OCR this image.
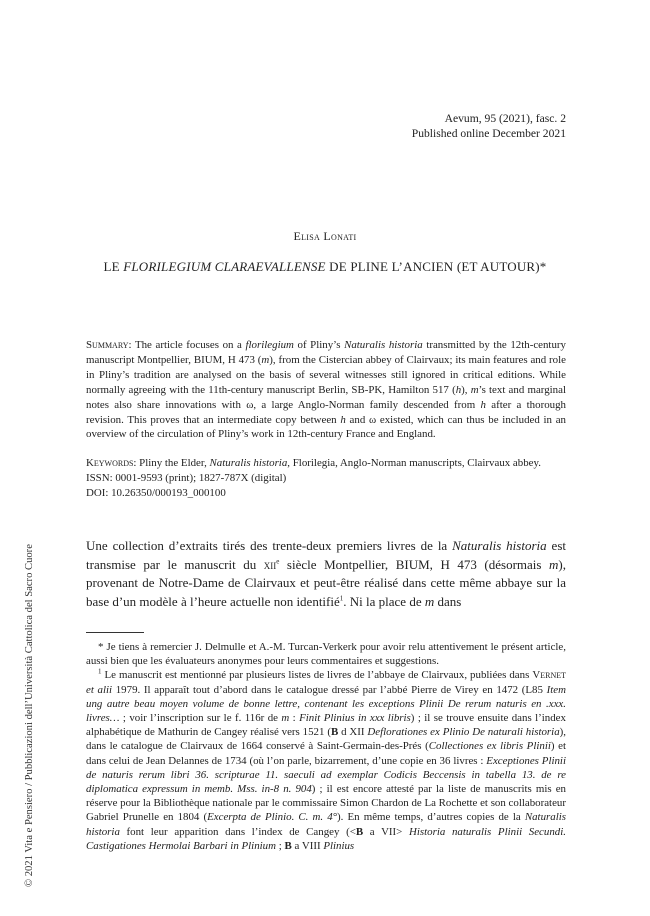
Aevum, 95 (2021), fasc. 2
Published online December 2021
Elisa Lonati
LE FLORILEGIUM CLARAEVALLENSE DE PLINE L’ANCIEN (ET AUTOUR)*
Summary: The article focuses on a florilegium of Pliny’s Naturalis historia transmitted by the 12th-century manuscript Montpellier, BIUM, H 473 (m), from the Cistercian abbey of Clairvaux; its main features and role in Pliny’s tradition are analysed on the basis of several witnesses still ignored in critical editions. While normally agreeing with the 11th-century manuscript Berlin, SB-PK, Hamilton 517 (h), m’s text and marginal notes also share innovations with ω, a large Anglo-Norman family descended from h after a thorough revision. This proves that an intermediate copy between h and ω existed, which can thus be included in an overview of the circulation of Pliny’s work in 12th-century France and England.
Keywords: Pliny the Elder, Naturalis historia, Florilegia, Anglo-Norman manuscripts, Clairvaux abbey.
ISSN: 0001-9593 (print); 1827-787X (digital)
DOI: 10.26350/000193_000100
Une collection d’extraits tirés des trente-deux premiers livres de la Naturalis historia est transmise par le manuscrit du xii$^e$ siècle Montpellier, BIUM, H 473 (désormais m), provenant de Notre-Dame de Clairvaux et peut-être réalisé dans cette même abbaye sur la base d’un modèle à l’heure actuelle non identifié$^1$. Ni la place de m dans

* Je tiens à remercier J. Delmulle et A.-M. Turcan-Verkerk pour avoir relu attentivement le présent article, aussi bien que les évaluateurs anonymes pour leurs commentaires et suggestions.

$^1$ Le manuscrit est mentionné par plusieurs listes de livres de l’abbaye de Clairvaux, publiées dans Vernet et alii 1979. Il apparaît tout d’abord dans le catalogue dressé par l’abbé Pierre de Virey en 1472 (L85 Item ung autre beau moyen volume de bonne lettre, contenant les exceptions Plinii De rerum naturis en .xxx. livres… ; voir l’inscription sur le f. 116r de m : Finit Plinius in xxx libris) ; il se trouve ensuite dans l’index alphabétique de Mathurin de Cangey réalisé vers 1521 (B d XII Deflorationes ex Plinio De naturali historia), dans le catalogue de Clairvaux de 1664 conservé à Saint-Germain-des-Prés (Collectiones ex libris Plinii) et dans celui de Jean Delannes de 1734 (où l’on parle, bizarrement, d’une copie en 36 livres : Exceptiones Plinii de naturis rerum libri 36. scripturae 11. saeculi ad exemplar Codicis Beccensis in tabella 13. de re diplomatica expressum in memb. Mss. in-8 n. 904) ; il est encore attesté par la liste de manuscrits mis en réserve pour la Bibliothèque nationale par le commissaire Simon Chardon de La Rochette et son collaborateur Gabriel Prunelle en 1804 (Excerpta de Plinio. C. m. 4°). En même temps, d’autres copies de la Naturalis historia font leur apparition dans l’index de Cangey (<B a VII> Historia naturalis Plinii Secundi. Castigationes Hermolai Barbari in Plinium ; B a VIII Plinius

© 2021 Vita e Pensiero / Pubblicazioni dell’Università Cattolica del Sacro Cuore
